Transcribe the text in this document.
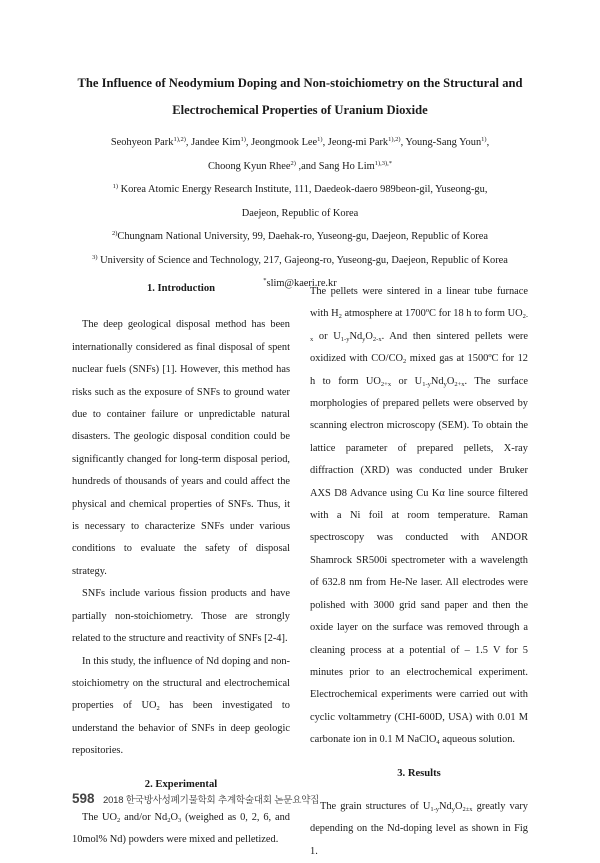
The Influence of Neodymium Doping and Non-stoichiometry on the Structural and
Electrochemical Properties of Uranium Dioxide
Seohyeon Park$^{1),2)}$, Jandee Kim$^{1)}$, Jeongmook Lee$^{1)}$, Jeong-mi Park$^{1),2)}$, Young-Sang Youn$^{1)}$,
Choong Kyun Rhee$^{2)}$ ,and Sang Ho Lim$^{1),3),*}$
$^{1)}$ Korea Atomic Energy Research Institute, 111, Daedeok-daero 989beon-gil, Yuseong-gu,
Daejeon, Republic of Korea
$^{2)}$Chungnam National University, 99, Daehak-ro, Yuseong-gu, Daejeon, Republic of Korea
$^{3)}$ University of Science and Technology, 217, Gajeong-ro, Yuseong-gu, Daejeon, Republic of Korea
*slim@kaeri.re.kr
1. Introduction

The deep geological disposal method has been internationally considered as final disposal of spent nuclear fuels (SNFs) [1]. However, this method has risks such as the exposure of SNFs to ground water due to container failure or unpredictable natural disasters. The geologic disposal condition could be significantly changed for long-term disposal period, hundreds of thousands of years and could affect the physical and chemical properties of SNFs. Thus, it is necessary to characterize SNFs under various conditions to evaluate the safety of disposal strategy.

SNFs include various fission products and have partially non-stoichiometry. Those are strongly related to the structure and reactivity of SNFs [2-4].

In this study, the influence of Nd doping and non-stoichiometry on the structural and electrochemical properties of $UO_2$ has been investigated to understand the behavior of SNFs in deep geologic repositories.

2. Experimental

The $UO_2$ and/or $Nd_2O_3$ (weighed as 0, 2, 6, and 10mol% Nd) powders were mixed and pelletized.

The pellets were sintered in a linear tube furnace with $H_2$ atmosphere at 1700ºC for 18 h to form $UO_{2-x}$ or $U_{1-y}Nd_yO_{2-x}$. And then sintered pellets were oxidized with $CO/CO_2$ mixed gas at 1500ºC for 12 h to form $UO_{2+x}$ or $U_{1-y}Nd_yO_{2+x}$. The surface morphologies of prepared pellets were observed by scanning electron microscopy (SEM). To obtain the lattice parameter of prepared pellets, X-ray diffraction (XRD) was conducted under Bruker AXS D8 Advance using Cu Kα line source filtered with a Ni foil at room temperature. Raman spectroscopy was conducted with ANDOR Shamrock SR500i spectrometer with a wavelength of 632.8 nm from He-Ne laser. All electrodes were polished with 3000 grid sand paper and then the oxide layer on the surface was removed through a cleaning process at a potential of – 1.5 V for 5 minutes prior to an electrochemical experiment. Electrochemical experiments were carried out with cyclic voltammetry (CHI-600D, USA) with 0.01 M carbonate ion in 0.1 M NaClO$_4$ aqueous solution.

3. Results

The grain structures of $U_{1-y}Nd_yO_{2\pm x}$ greatly vary depending on the Nd-doping level as shown in Fig 1.

598 2018 한국방사성폐기물학회 추계학술대회 논문요약집
